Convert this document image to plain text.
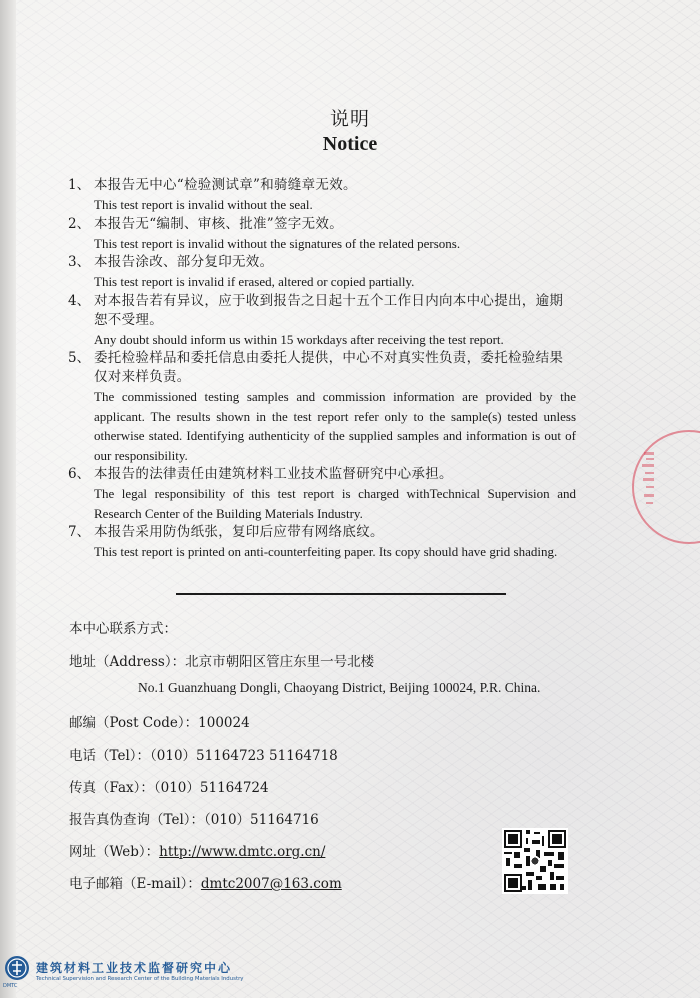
说明
Notice
1、 本报告无中心“检验测试章”和骑缝章无效。
This test report is invalid without the seal.
2、 本报告无“编制、审核、批准”签字无效。
This test report is invalid without the signatures of the related persons.
3、 本报告涂改、部分复印无效。
This test report is invalid if erased, altered or copied partially.
4、 对本报告若有异议，应于收到报告之日起十五个工作日内向本中心提出，逾期恕不受理。
Any doubt should inform us within 15 workdays after receiving the test report.
5、 委托检验样品和委托信息由委托人提供，中心不对真实性负责，委托检验结果仅对来样负责。
The commissioned testing samples and commission information are provided by the applicant. The results shown in the test report refer only to the sample(s) tested unless otherwise stated. Identifying authenticity of the supplied samples and information is out of our responsibility.
6、 本报告的法律责任由建筑材料工业技术监督研究中心承担。
The legal responsibility of this test report is charged withTechnical Supervision and Research Center of the Building Materials Industry.
7、 本报告采用防伪纸张，复印后应带有网络底纹。
This test report is printed on anti-counterfeiting paper. Its copy should have grid shading.
本中心联系方式：
地址（Address）：北京市朝阳区管庄东里一号北楼
No.1 Guanzhuang Dongli, Chaoyang District, Beijing 100024, P.R. China.
邮编（Post Code）：100024
电话（Tel）：（010）51164723 51164718
传真（Fax）：（010）51164724
报告真伪查询（Tel）：（010）51164716
网址（Web）：http://www.dmtc.org.cn/
电子邮箱（E-mail）：dmtc2007@163.com
DMTC
建筑材料工业技术监督研究中心
Technical Supervision and Research Center of the Building Materials Industry
